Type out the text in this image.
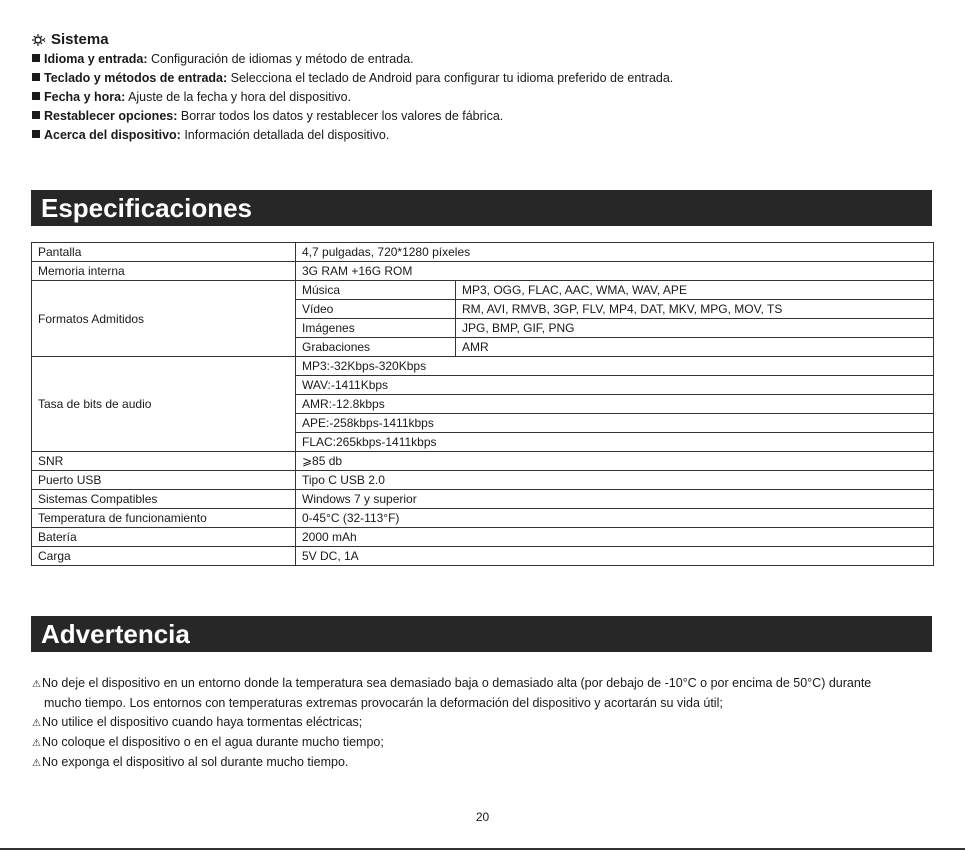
Sistema
Idioma y entrada: Configuración de idiomas y método de entrada.
Teclado y métodos de entrada: Selecciona el teclado de Android para configurar tu idioma preferido de entrada.
Fecha y hora: Ajuste de la fecha y hora del dispositivo.
Restablecer opciones: Borrar todos los datos y restablecer los valores de fábrica.
Acerca del dispositivo: Información detallada del dispositivo.
Especificaciones
Pantalla	4,7 pulgadas, 720*1280 píxeles	
Memoria interna	3G RAM +16G ROM	
Formatos Admitidos	Música	MP3, OGG, FLAC, AAC, WMA, WAV, APE
	Vídeo	RM, AVI, RMVB, 3GP, FLV, MP4, DAT, MKV, MPG, MOV, TS
	Imágenes	JPG, BMP, GIF, PNG
	Grabaciones	AMR
Tasa de bits de audio	MP3:-32Kbps-320Kbps	
	WAV:-1411Kbps	
	AMR:-12.8kbps	
	APE:-258kbps-1411kbps	
	FLAC:265kbps-1411kbps	
SNR	⩾85 db	
Puerto USB	Tipo C USB 2.0	
Sistemas Compatibles	Windows 7 y superior	
Temperatura de funcionamiento	0-45°C (32-113°F)	
Batería	2000 mAh	
Carga	5V DC, 1A	
Advertencia
⚠No deje el dispositivo en un entorno donde la temperatura sea demasiado baja o demasiado alta (por debajo de -10°C o por encima de 50°C) durante
mucho tiempo. Los entornos con temperaturas extremas provocarán la deformación del dispositivo y acortarán su vida útil;
⚠No utilice el dispositivo cuando haya tormentas eléctricas;
⚠No coloque el dispositivo o en el agua durante mucho tiempo;
⚠No exponga el dispositivo al sol durante mucho tiempo.
20
